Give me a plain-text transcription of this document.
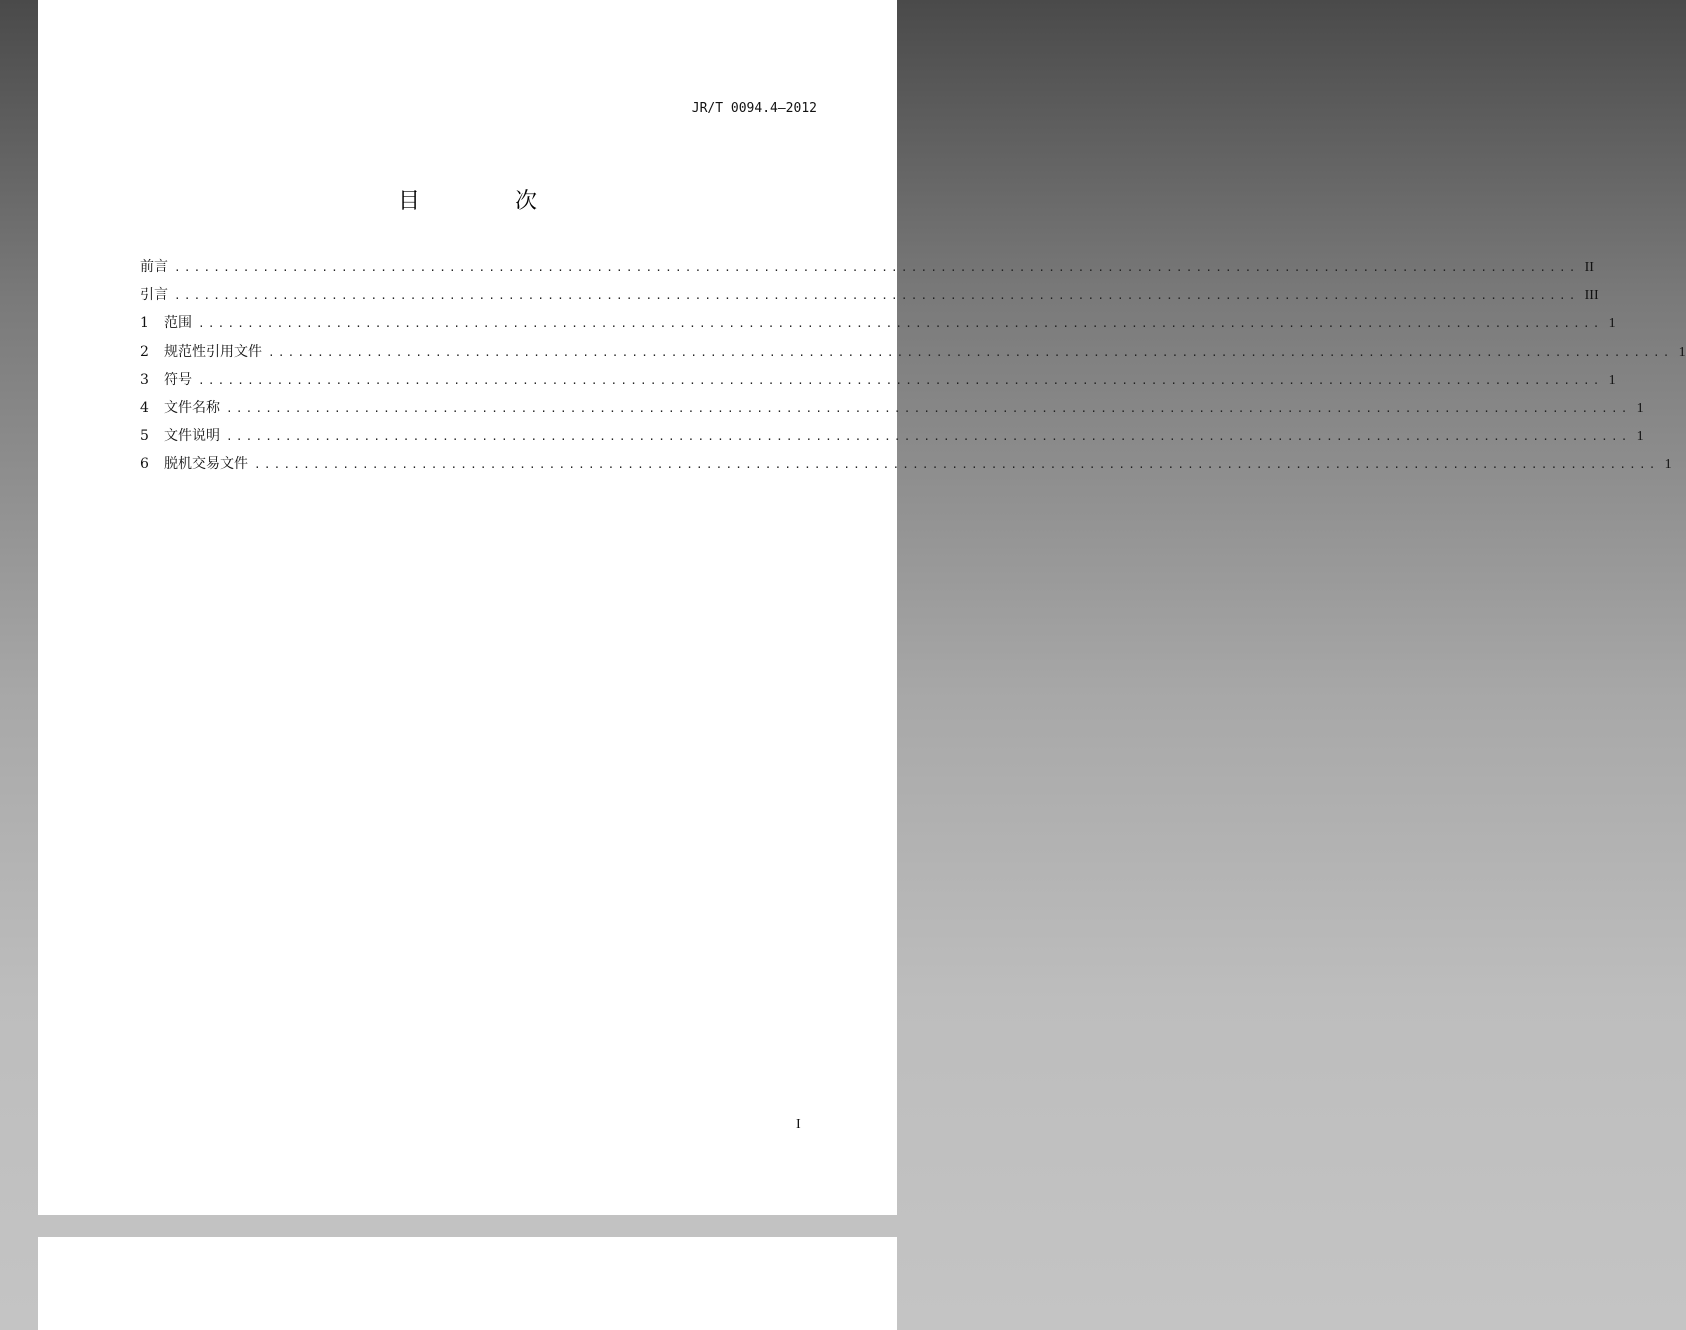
JR/T 0094.4—2012
目 次
前言 ............................................................................................................................................... II
引言 ............................................................................................................................................... III
1	范围 ............................................................................................................................................... 1
2	规范性引用文件 ............................................................................................................................................... 1
3	符号 ............................................................................................................................................... 1
4	文件名称 ............................................................................................................................................... 1
5	文件说明 ............................................................................................................................................... 1
6	脱机交易文件 ............................................................................................................................................... 1
I
